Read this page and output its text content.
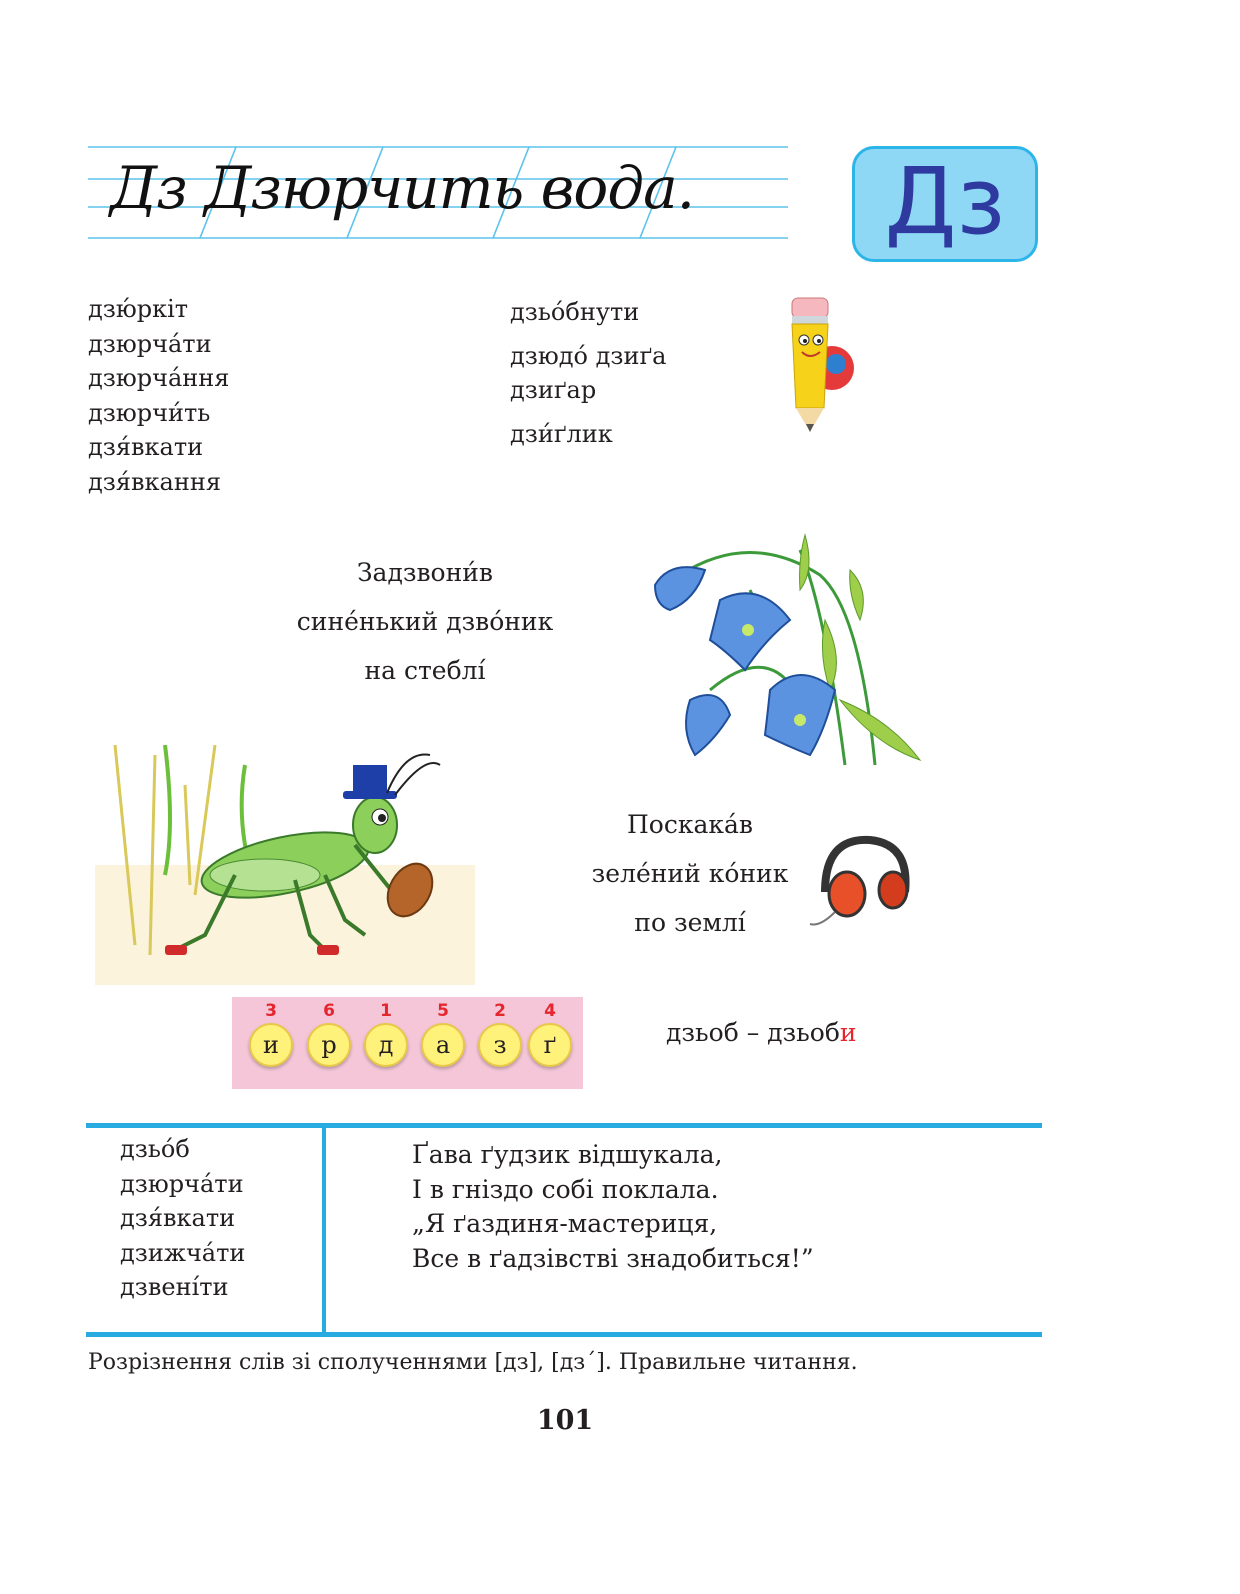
Дз Дзюрчить вода. Дз
дзю́ркіт
дзюрча́ти
дзюрча́ння
дзюрчи́ть
дзя́вкати
дзя́вкання
дзьо́бнути
дзюдо́ дзиґа
дзиґар
дзи́ґлик
Задзвони́в
сине́нький дзво́ник
на стеблі́
Поскака́в
зеле́ний ко́ник
по землі́
3
и
6
р
1
д
5
а
2
з
4
ґ	дзьоб – дзьоби
дзьо́б
дзюрча́ти
дзя́вкати
дзижча́ти
дзвені́ти
Ґава ґудзик відшукала,
І в гніздо собі поклала.
„Я ґаздиня-мастериця,
Все в ґадзівстві знадобиться!”
Розрізнення слів зі сполученнями [дз], [дз´]. Правильне читання.
101
